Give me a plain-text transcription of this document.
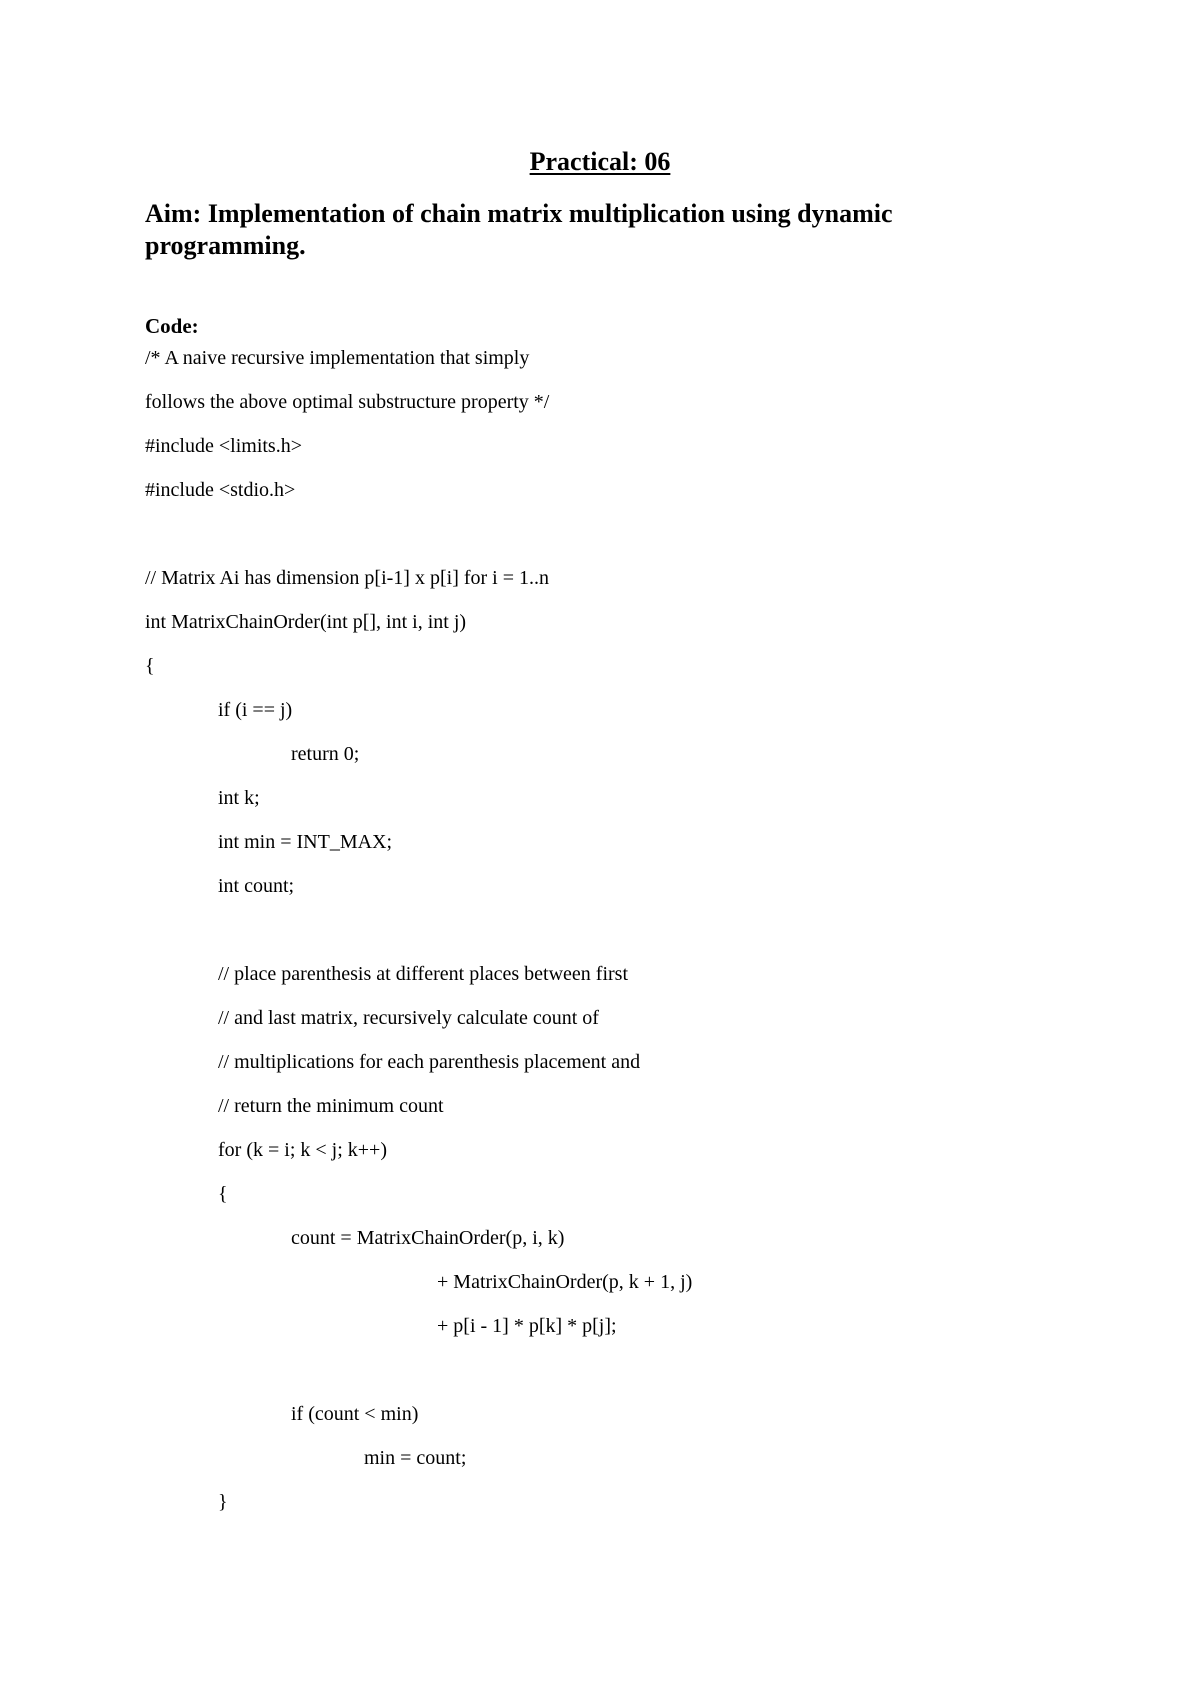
Practical: 06
Aim: Implementation of chain matrix multiplication using dynamic programming.
Code:
/* A naive recursive implementation that simply
follows the above optimal substructure property */
#include <limits.h>
#include <stdio.h>
// Matrix Ai has dimension p[i-1] x p[i] for i = 1..n
int MatrixChainOrder(int p[], int i, int j)
{
if (i == j)
return 0;
int k;
int min = INT_MAX;
int count;
// place parenthesis at different places between first
// and last matrix, recursively calculate count of
// multiplications for each parenthesis placement and
// return the minimum count
for (k = i; k < j; k++)
{
count = MatrixChainOrder(p, i, k)
+ MatrixChainOrder(p, k + 1, j)
+ p[i - 1] * p[k] * p[j];
if (count < min)
min = count;
}
